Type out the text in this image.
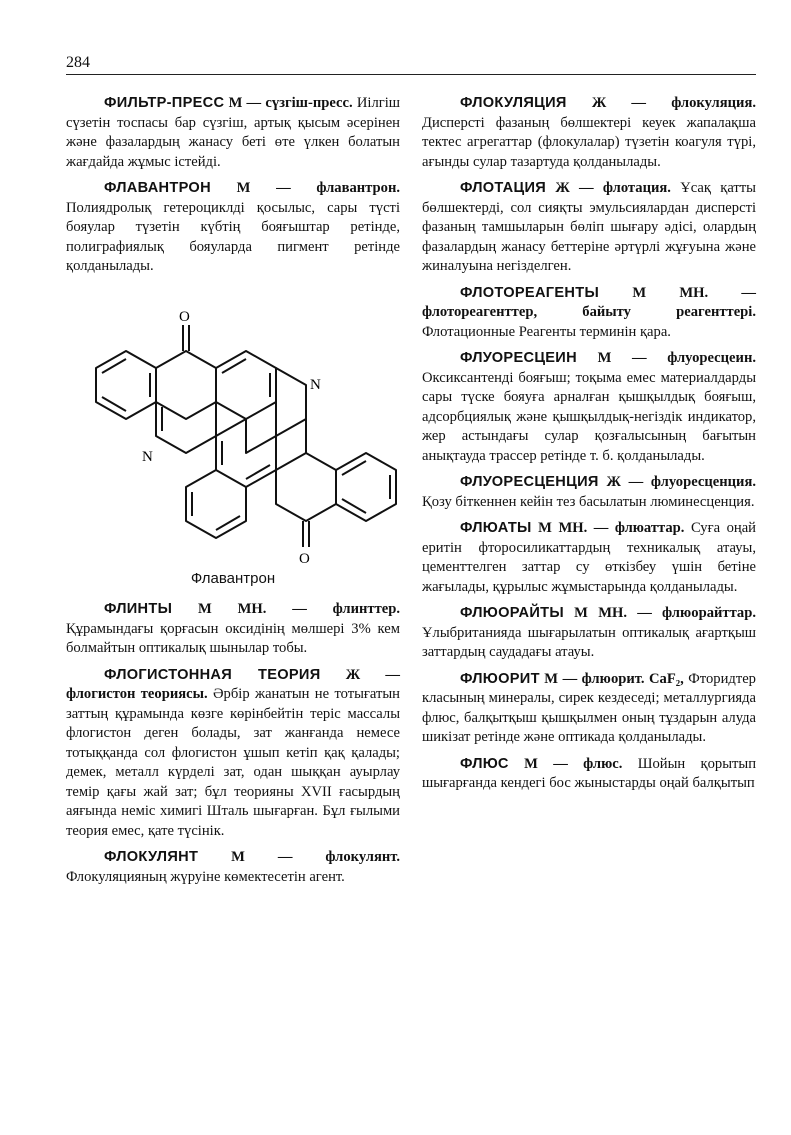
284

ФИЛЬТР-ПРЕСС М — сүзгіш-пресс. Иілгіш сүзетін тоспасы бар сүзгіш, артық қысым әсерінен және фазалардың жанасу беті өте үлкен болатын жағдайда жұмыс істейді.

ФЛАВАНТРОН М — флавантрон. Полиядролық гетероциклді қосылыс, сары түсті бояулар түзетін күбтің бояғыштар ретінде, полиграфиялық бояуларда пигмент ретінде қолданылады.

O
O
N
N
Флавантрон

ФЛИНТЫ М МН. — флинттер. Құрамындағы қорғасын оксидінің мөлшері 3% кем болмайтын оптикалық шынылар тобы.

ФЛОГИСТОННАЯ ТЕОРИЯ Ж — флогистон теориясы. Әрбір жанатын не тотығатын заттың құрамында көзге көрінбейтін теріс массалы флогистон деген болады, зат жанғанда немесе тотыққанда сол флогистон ұшып кетіп қақ қалады; демек, металл күрделі зат, одан шыққан ауырлау темір қағы жай зат; бұл теорияны XVII ғасырдың аяғында неміс химигі Шталь шығарған. Бұл ғылыми теория емес, қате түсінік.

ФЛОКУЛЯНТ М — флокулянт. Флокуляцияның жүруіне көмектесетін агент.

ФЛОКУЛЯЦИЯ Ж — флокуляция. Дисперсті фазаның бөлшектері кеуек жапалақша тектес агрегаттар (флокулалар) түзетін коагуля түрі, ағынды сулар тазартуда қолданылады.

ФЛОТАЦИЯ Ж — флотация. Ұсақ қатты бөлшектерді, сол сияқты эмульсиялардан дисперсті фазаның тамшыларын бөліп шығару әдісі, олардың фазалардың жанасу беттеріне әртүрлі жұғуына және жиналуына негізделген.

ФЛОТОРЕАГЕНТЫ М МН. — флотореагенттер, байыту реагенттері. Флотационные Реагенты терминін қара.

ФЛУОРЕСЦЕИН М — флуоресцеин. Оксиксантенді бояғыш; тоқыма емес материалдарды сары түске бояуға арналған қышқылдық бояғыш, адсорбциялық және қышқылдық-негіздік индикатор, жер астындағы сулар қозғалысының бағытын анықтауда трассер ретінде т. б. қолданылады.

ФЛУОРЕСЦЕНЦИЯ Ж — флуоресценция. Қозу біткеннен кейін тез басылатын люминесценция.

ФЛЮАТЫ М МН. — флюаттар. Суға оңай еритін фторосиликаттардың техникалық атауы, цементтелген заттар су өткізбеу үшін бетіне жағылады, құрылыс жұмыстарында қолданылады.

ФЛЮОРАЙТЫ М МН. — флюорайттар. Ұлыбританияда шығарылатын оптикалық ағартқыш заттардың саудадағы атауы.

ФЛЮОРИТ М — флюорит. CaF₂, Фторидтер класының минералы, сирек кездеседі; металлургияда флюс, балқытқыш қышқылмен оның тұздарын алуда шикізат ретінде және оптикада қолданылады.

ФЛЮС М — флюс. Шойын қорытып шығарғанда кендегі бос жыныстарды оңай балқытып
